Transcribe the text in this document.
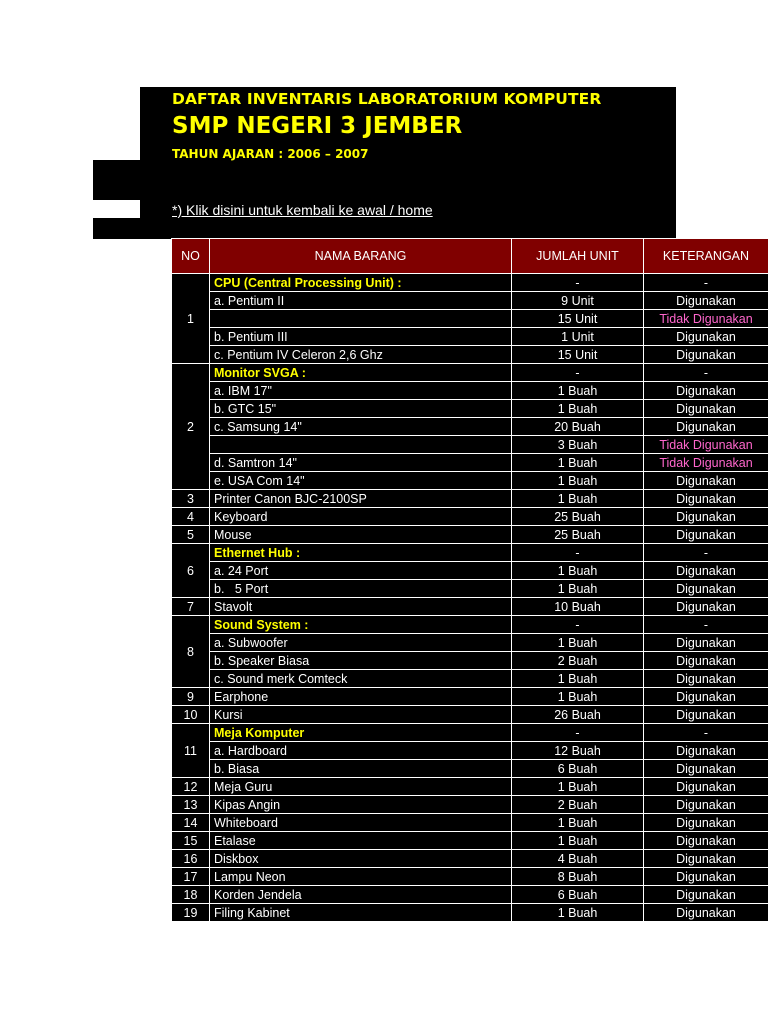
DAFTAR INVENTARIS LABORATORIUM KOMPUTER
SMP NEGERI 3 JEMBER
TAHUN AJARAN : 2006 – 2007
*) Klik disini untuk kembali ke awal / home
NO	NAMA BARANG	JUMLAH UNIT	KETERANGAN
1	CPU (Central Processing Unit) :	-	-
	a. Pentium II	9 Unit	Digunakan
		15 Unit	Tidak Digunakan
	b. Pentium III	1 Unit	Digunakan
	c. Pentium IV Celeron 2,6 Ghz	15 Unit	Digunakan
2	Monitor SVGA :	-	-
	a. IBM 17"	1 Buah	Digunakan
	b. GTC 15"	1 Buah	Digunakan
	c. Samsung 14"	20 Buah	Digunakan
		3 Buah	Tidak Digunakan
	d. Samtron 14"	1 Buah	Tidak Digunakan
	e. USA Com 14"	1 Buah	Digunakan
3	Printer Canon BJC-2100SP	1 Buah	Digunakan
4	Keyboard	25 Buah	Digunakan
5	Mouse	25 Buah	Digunakan
6	Ethernet Hub :	-	-
	a. 24 Port	1 Buah	Digunakan
	b.   5 Port	1 Buah	Digunakan
7	Stavolt	10 Buah	Digunakan
8	Sound System :	-	-
	a. Subwoofer	1 Buah	Digunakan
	b. Speaker Biasa	2 Buah	Digunakan
	c. Sound merk Comteck	1 Buah	Digunakan
9	Earphone	1 Buah	Digunakan
10	Kursi	26 Buah	Digunakan
11	Meja Komputer	-	-
	a. Hardboard	12 Buah	Digunakan
	b. Biasa	6 Buah	Digunakan
12	Meja Guru	1 Buah	Digunakan
13	Kipas Angin	2 Buah	Digunakan
14	Whiteboard	1 Buah	Digunakan
15	Etalase	1 Buah	Digunakan
16	Diskbox	4 Buah	Digunakan
17	Lampu Neon	8 Buah	Digunakan
18	Korden Jendela	6 Buah	Digunakan
19	Filing Kabinet	1 Buah	Digunakan
